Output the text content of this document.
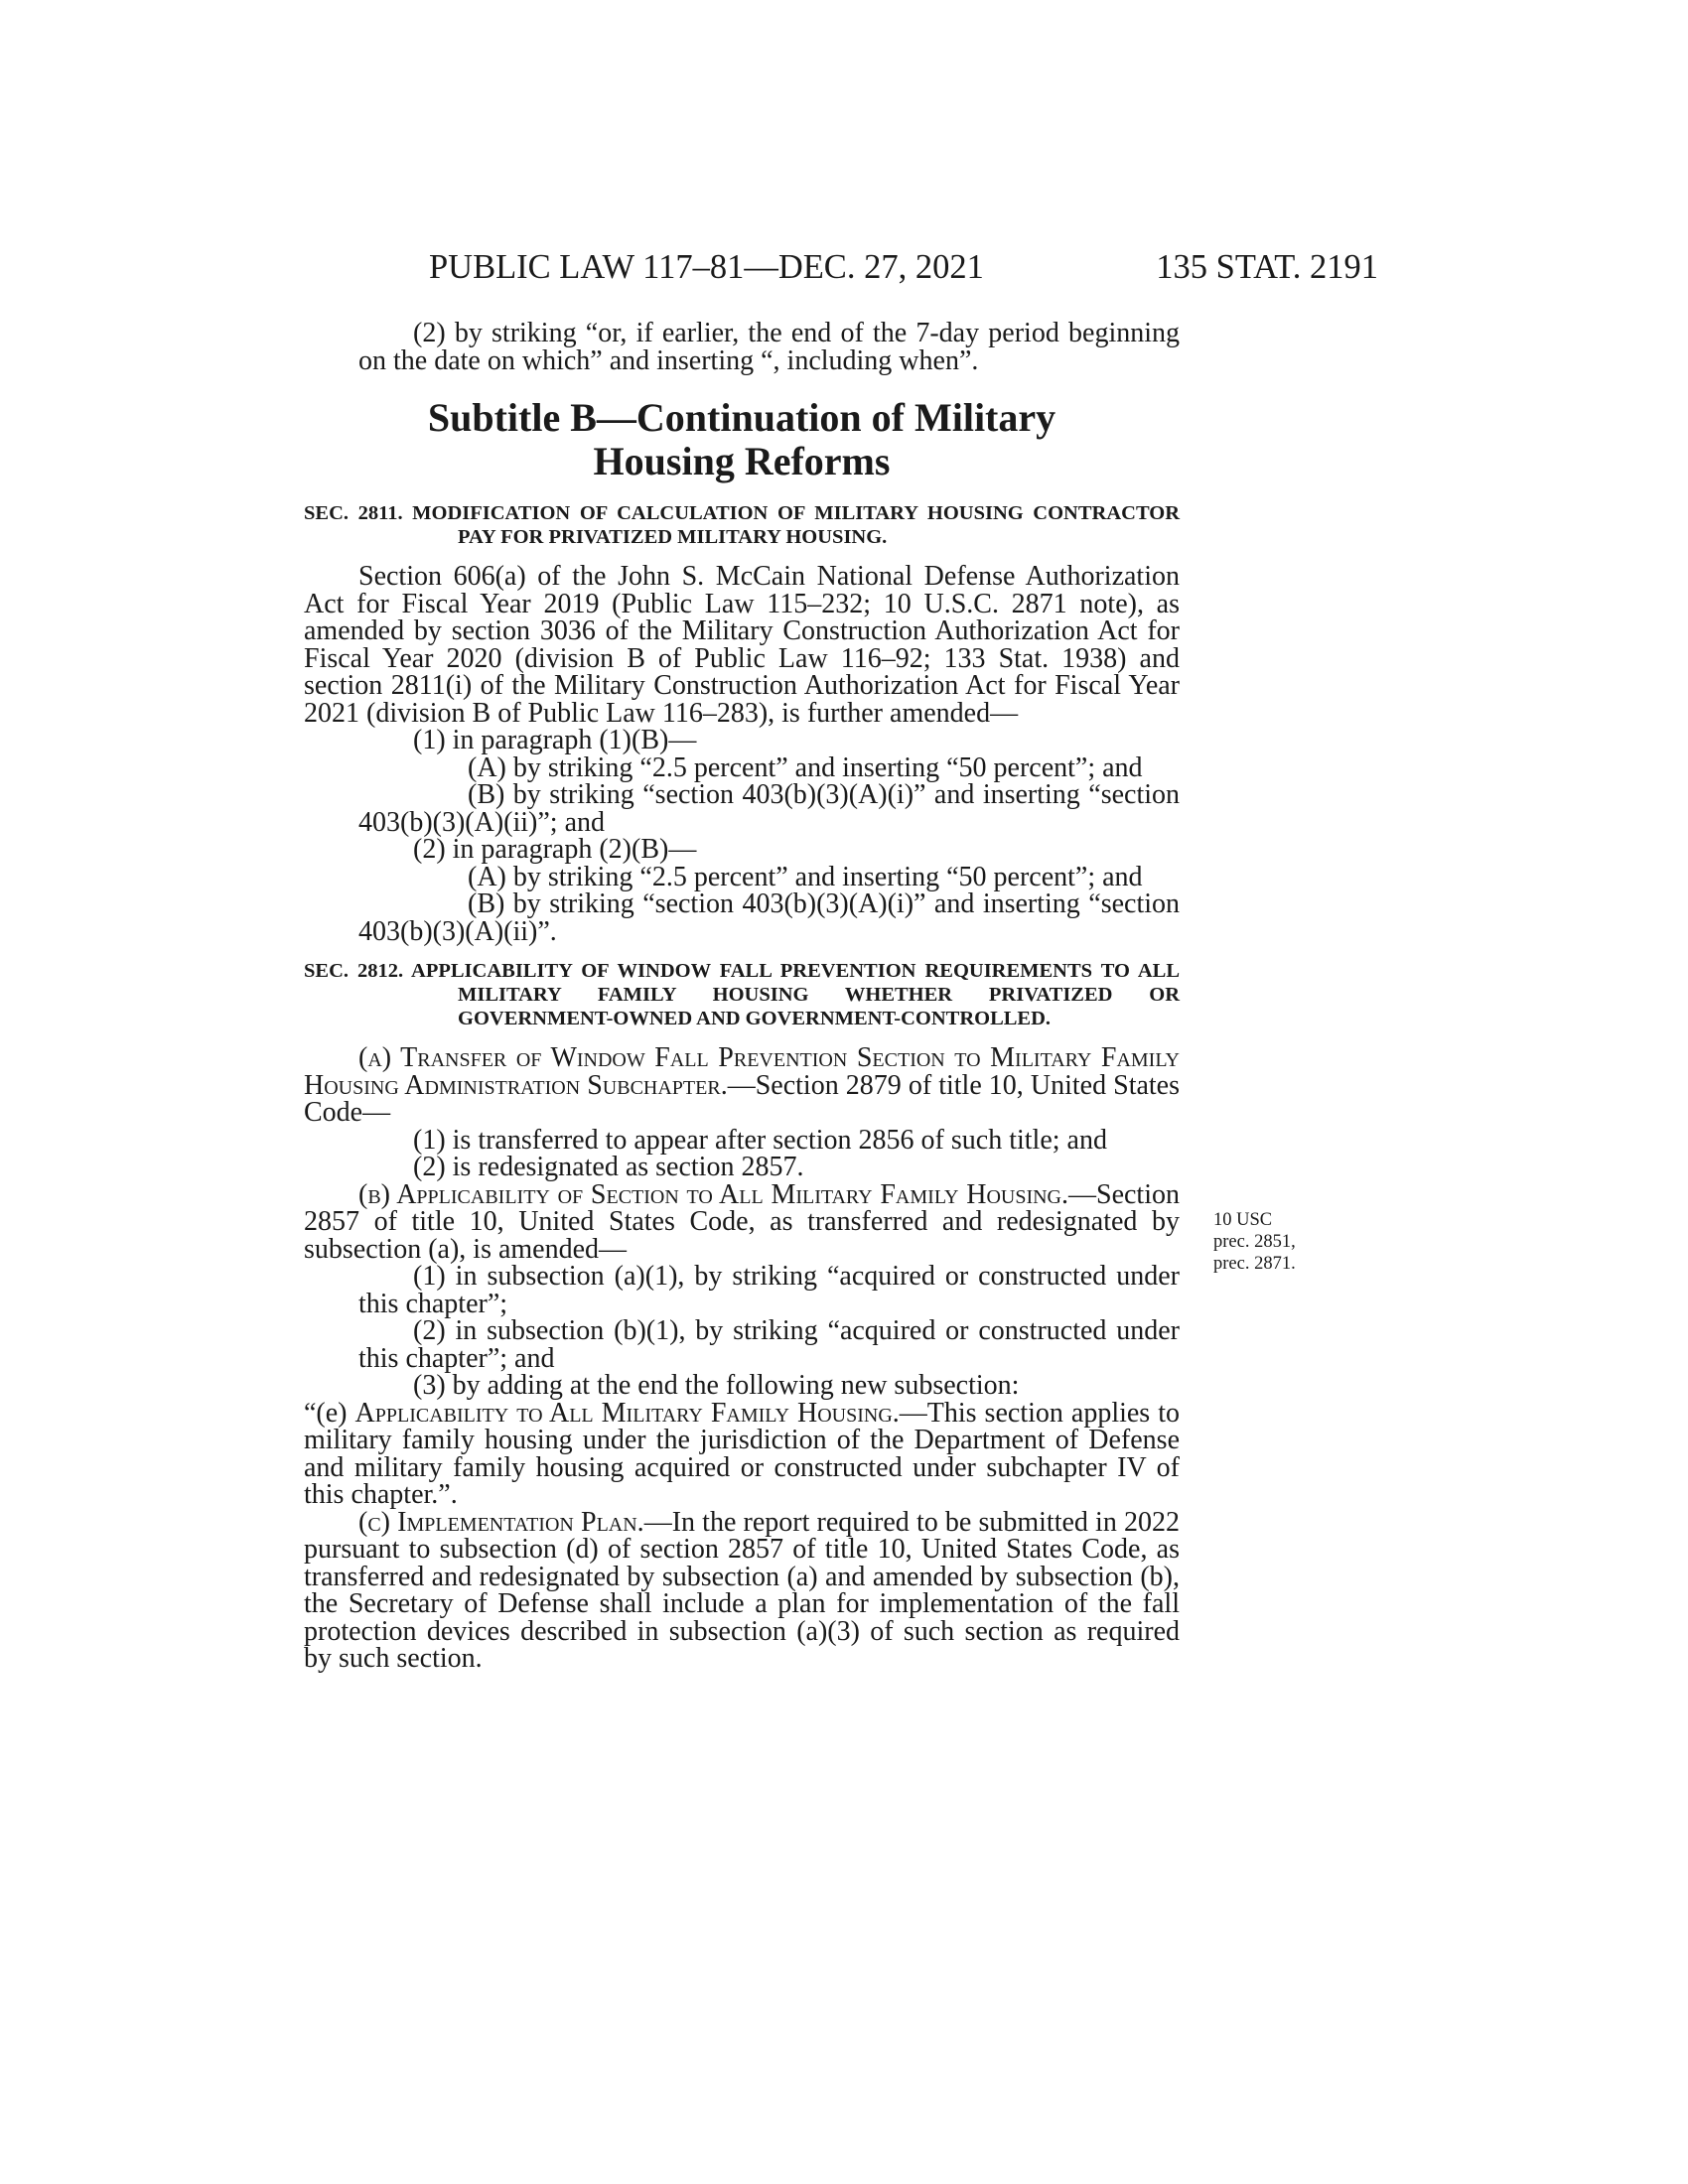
PUBLIC LAW 117–81—DEC. 27, 2021	135 STAT. 2191

(2) by striking “or, if earlier, the end of the 7-day period beginning on the date on which” and inserting “, including when”.

Subtitle B—Continuation of Military
Housing Reforms
SEC. 2811. MODIFICATION OF CALCULATION OF MILITARY HOUSING CONTRACTOR PAY FOR PRIVATIZED MILITARY HOUSING.

Section 606(a) of the John S. McCain National Defense Authorization Act for Fiscal Year 2019 (Public Law 115–232; 10 U.S.C. 2871 note), as amended by section 3036 of the Military Construction Authorization Act for Fiscal Year 2020 (division B of Public Law 116–92; 133 Stat. 1938) and section 2811(i) of the Military Construction Authorization Act for Fiscal Year 2021 (division B of Public Law 116–283), is further amended—

(1) in paragraph (1)(B)—

(A) by striking “2.5 percent” and inserting “50 percent”; and

(B) by striking “section 403(b)(3)(A)(i)” and inserting “section 403(b)(3)(A)(ii)”; and

(2) in paragraph (2)(B)—

(A) by striking “2.5 percent” and inserting “50 percent”; and

(B) by striking “section 403(b)(3)(A)(i)” and inserting “section 403(b)(3)(A)(ii)”.

SEC. 2812. APPLICABILITY OF WINDOW FALL PREVENTION REQUIREMENTS TO ALL MILITARY FAMILY HOUSING WHETHER PRIVATIZED OR GOVERNMENT-OWNED AND GOVERNMENT-CONTROLLED.

(a) Transfer of Window Fall Prevention Section to Military Family Housing Administration Subchapter.—Section 2879 of title 10, United States Code—

(1) is transferred to appear after section 2856 of such title; and

(2) is redesignated as section 2857.

(b) Applicability of Section to All Military Family Housing.—Section 2857 of title 10, United States Code, as transferred and redesignated by subsection (a), is amended—

(1) in subsection (a)(1), by striking “acquired or constructed under this chapter”;

(2) in subsection (b)(1), by striking “acquired or constructed under this chapter”; and

(3) by adding at the end the following new subsection:

“(e) Applicability to All Military Family Housing.—This section applies to military family housing under the jurisdiction of the Department of Defense and military family housing acquired or constructed under subchapter IV of this chapter.”.

(c) Implementation Plan.—In the report required to be submitted in 2022 pursuant to subsection (d) of section 2857 of title 10, United States Code, as transferred and redesignated by subsection (a) and amended by subsection (b), the Secretary of Defense shall include a plan for implementation of the fall protection devices described in subsection (a)(3) of such section as required by such section.

10 USC
prec. 2851,
prec. 2871.
